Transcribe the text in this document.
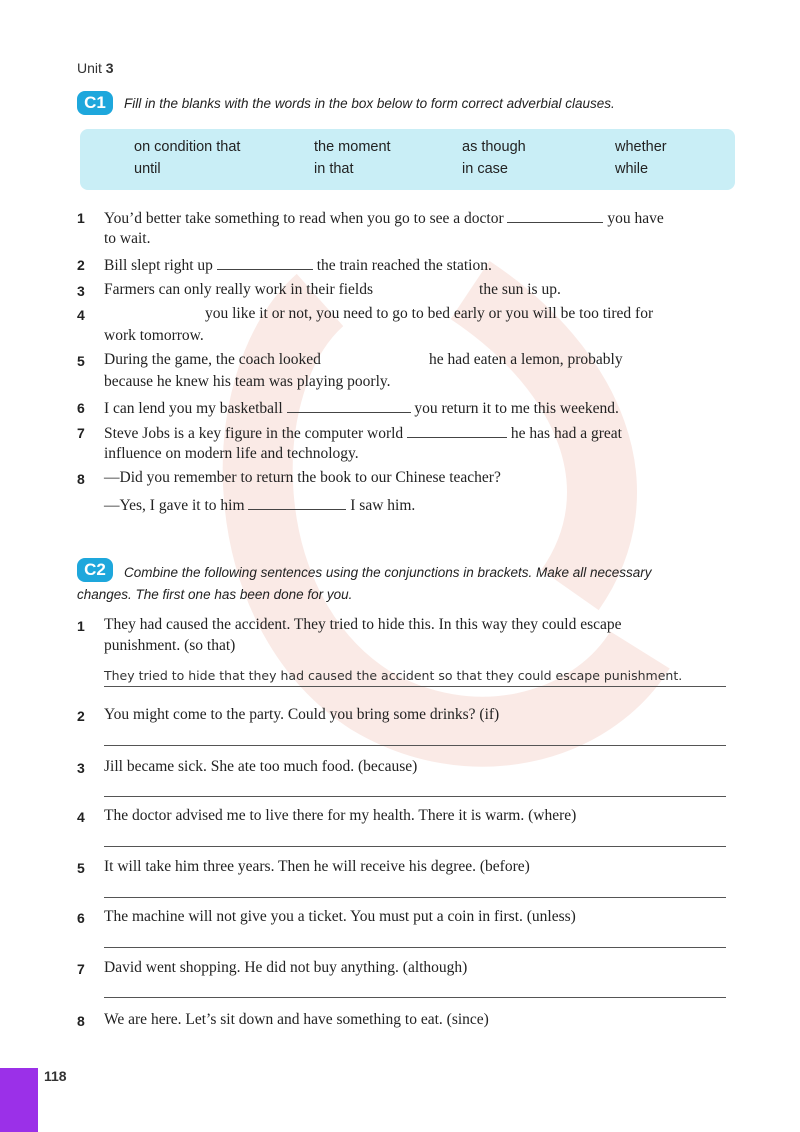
Unit 3
C1	Fill in the blanks with the words in the box below to form correct adverbial clauses.
on condition that	the moment	as though	whether
until	in that	in case	while
1	You’d better take something to read when you go to see a doctor	you have
to wait.
2	Bill slept right up	the train reached the station.
3	Farmers can only really work in their fields	the sun is up.
4	you like it or not, you need to go to bed early or you will be too tired for
work tomorrow.
5	During the game, the coach looked	he had eaten a lemon, probably
because he knew his team was playing poorly.
6	I can lend you my basketball	you return it to me this weekend.
7	Steve Jobs is a key figure in the computer world	he has had a great
influence on modern life and technology.
8	—Did you remember to return the book to our Chinese teacher?
—Yes, I gave it to him	I saw him.
C2	Combine the following sentences using the conjunctions in brackets. Make all necessary
changes. The first one has been done for you.
1	They had caused the accident. They tried to hide this. In this way they could escape
punishment. (so that)
They tried to hide that they had caused the accident so that they could escape punishment.
2	You might come to the party. Could you bring some drinks? (if)
3	Jill became sick. She ate too much food. (because)
4	The doctor advised me to live there for my health. There it is warm. (where)
5	It will take him three years. Then he will receive his degree. (before)
6	The machine will not give you a ticket. You must put a coin in first. (unless)
7	David went shopping. He did not buy anything. (although)
8	We are here. Let’s sit down and have something to eat. (since)
118
